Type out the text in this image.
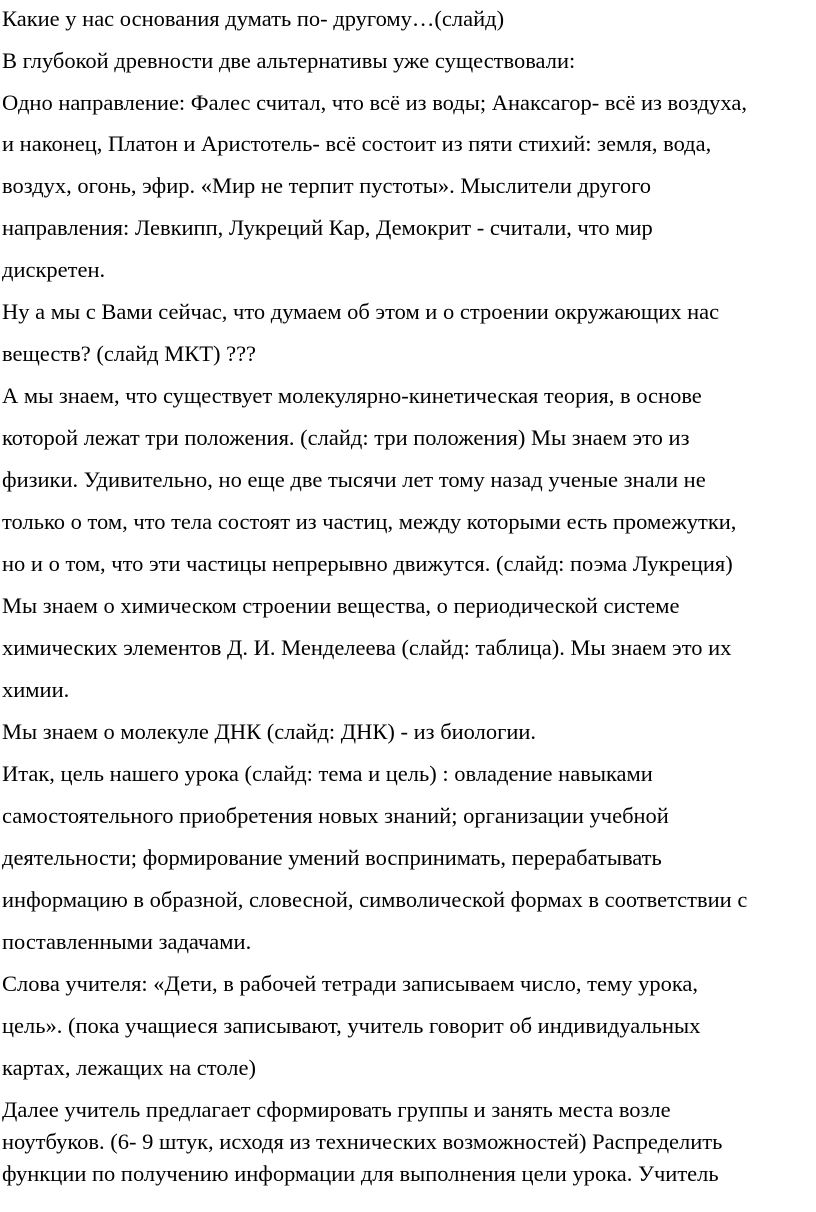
Какие у нас основания думать по- другому…(слайд)

В глубокой древности две альтернативы уже существовали:

Одно направление: Фалес считал, что всё из воды; Анаксагор- всё из воздуха,

и наконец, Платон и Аристотель- всё состоит из пяти стихий: земля, вода,

воздух, огонь, эфир. «Мир не терпит пустоты». Мыслители другого

направления: Левкипп, Лукреций Кар, Демокрит - считали, что мир

дискретен.

Ну а мы с Вами сейчас, что думаем об этом и о строении окружающих нас

веществ? (слайд МКТ) ???

А мы знаем, что существует молекулярно-кинетическая теория, в основе

которой лежат три положения. (слайд: три положения) Мы знаем это из

физики. Удивительно, но еще две тысячи лет тому назад ученые знали не

только о том, что тела состоят из частиц, между которыми есть промежутки,

но и о том, что эти частицы непрерывно движутся. (слайд: поэма Лукреция)

Мы знаем о химическом строении вещества, о периодической системе

химических элементов Д. И. Менделеева (слайд: таблица). Мы знаем это их

химии.

Мы знаем о молекуле ДНК (слайд: ДНК) - из биологии.

Итак, цель нашего урока (слайд: тема и цель) : овладение навыками

самостоятельного приобретения новых знаний; организации учебной

деятельности; формирование умений воспринимать, перерабатывать

информацию в образной, словесной, символической формах в соответствии с

поставленными задачами.

Слова учителя: «Дети, в рабочей тетради записываем число, тему урока,

цель». (пока учащиеся записывают, учитель говорит об индивидуальных

картах, лежащих на столе)

Далее учитель предлагает сформировать группы и занять места возле

ноутбуков. (6- 9 штук, исходя из технических возможностей) Распределить

функции по получению информации для выполнения цели урока. Учитель
